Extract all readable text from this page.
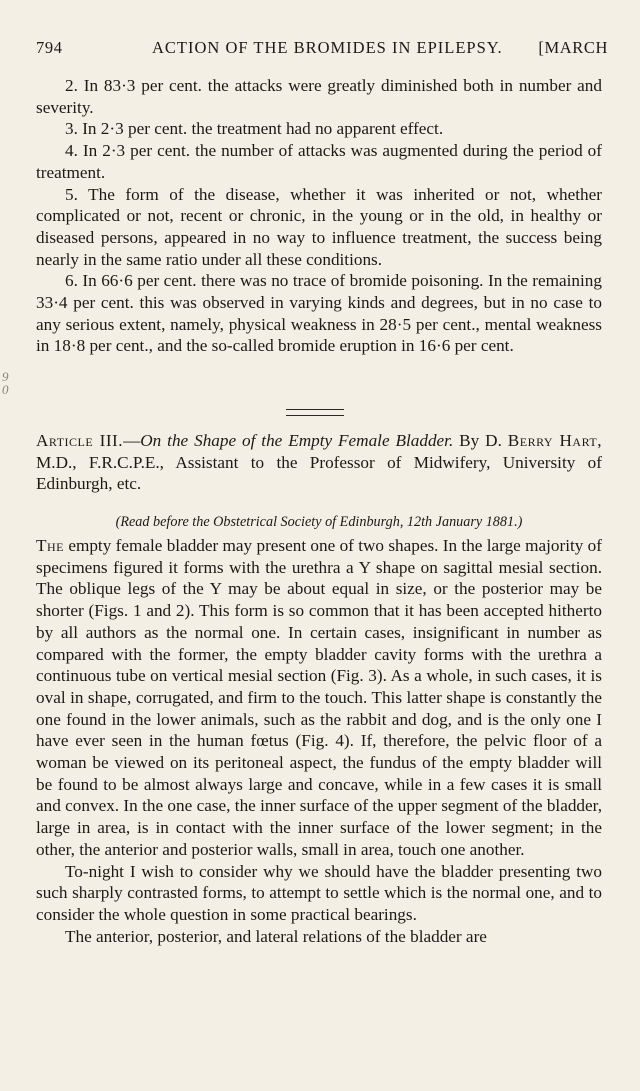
794	ACTION OF THE BROMIDES IN EPILEPSY. [MARCH

2. In 83·3 per cent. the attacks were greatly diminished both in number and severity.

3. In 2·3 per cent. the treatment had no apparent effect.

4. In 2·3 per cent. the number of attacks was augmented during the period of treatment.

5. The form of the disease, whether it was inherited or not, whether complicated or not, recent or chronic, in the young or in the old, in healthy or diseased persons, appeared in no way to influence treatment, the success being nearly in the same ratio under all these conditions.

6. In 66·6 per cent. there was no trace of bromide poisoning. In the remaining 33·4 per cent. this was observed in varying kinds and degrees, but in no case to any serious extent, namely, physical weakness in 28·5 per cent., mental weakness in 18·8 per cent., and the so-called bromide eruption in 16·6 per cent.

9
0

Article III.—On the Shape of the Empty Female Bladder. By D. Berry Hart, M.D., F.R.C.P.E., Assistant to the Professor of Midwifery, University of Edinburgh, etc.

(Read before the Obstetrical Society of Edinburgh, 12th January 1881.)

The empty female bladder may present one of two shapes. In the large majority of specimens figured it forms with the urethra a Y shape on sagittal mesial section. The oblique legs of the Y may be about equal in size, or the posterior may be shorter (Figs. 1 and 2). This form is so common that it has been accepted hitherto by all authors as the normal one. In certain cases, insignificant in number as compared with the former, the empty bladder cavity forms with the urethra a continuous tube on vertical mesial section (Fig. 3). As a whole, in such cases, it is oval in shape, corrugated, and firm to the touch. This latter shape is constantly the one found in the lower animals, such as the rabbit and dog, and is the only one I have ever seen in the human fœtus (Fig. 4). If, therefore, the pelvic floor of a woman be viewed on its peritoneal aspect, the fundus of the empty bladder will be found to be almost always large and concave, while in a few cases it is small and convex. In the one case, the inner surface of the upper segment of the bladder, large in area, is in contact with the inner surface of the lower segment; in the other, the anterior and posterior walls, small in area, touch one another.

To-night I wish to consider why we should have the bladder presenting two such sharply contrasted forms, to attempt to settle which is the normal one, and to consider the whole question in some practical bearings.

The anterior, posterior, and lateral relations of the bladder are
